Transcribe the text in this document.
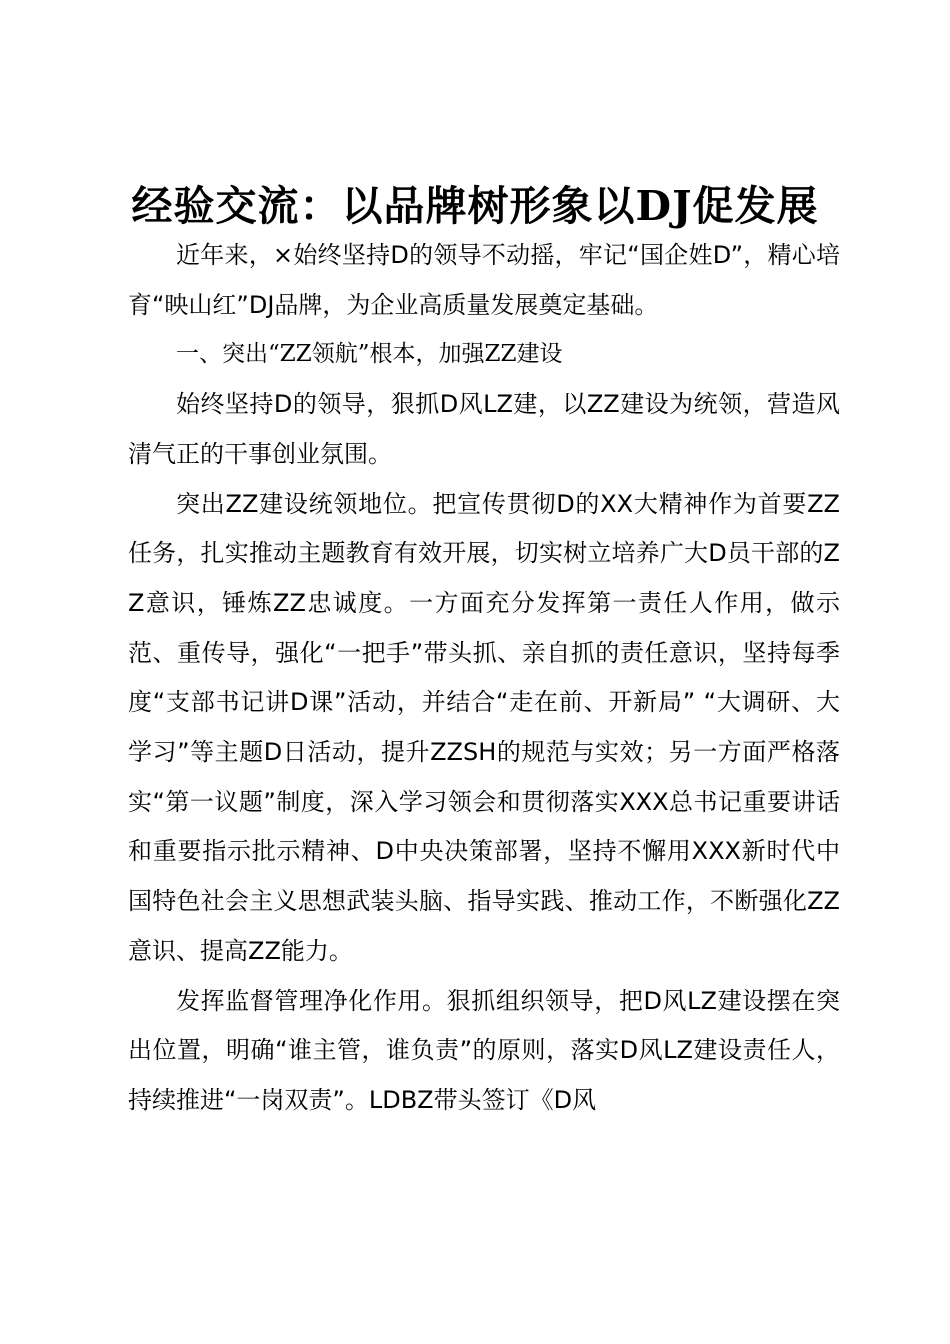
经验交流：以品牌树形象以DJ促发展

近年来，×始终坚持D的领导不动摇，牢记“国企姓D”，精心培育“映山红”DJ品牌，为企业高质量发展奠定基础。

一、突出“ZZ领航”根本，加强ZZ建设

始终坚持D的领导，狠抓D风LZ建，以ZZ建设为统领，营造风清气正的干事创业氛围。

突出ZZ建设统领地位。把宣传贯彻D的XX大精神作为首要ZZ任务，扎实推动主题教育有效开展，切实树立培养广大D员干部的ZZ意识，锤炼ZZ忠诚度。一方面充分发挥第一责任人作用，做示范、重传导，强化“一把手”带头抓、亲自抓的责任意识，坚持每季度“支部书记讲D课”活动，并结合“走在前、开新局” “大调研、大学习”等主题D日活动，提升ZZSH的规范与实效；另一方面严格落实“第一议题”制度，深入学习领会和贯彻落实XXX总书记重要讲话和重要指示批示精神、D中央决策部署，坚持不懈用XXX新时代中国特色社会主义思想武装头脑、指导实践、推动工作，不断强化ZZ意识、提高ZZ能力。

发挥监督管理净化作用。狠抓组织领导，把D风LZ建设摆在突出位置，明确“谁主管，谁负责”的原则，落实D风LZ建设责任人，持续推进“一岗双责”。LDBZ带头签订《D风
